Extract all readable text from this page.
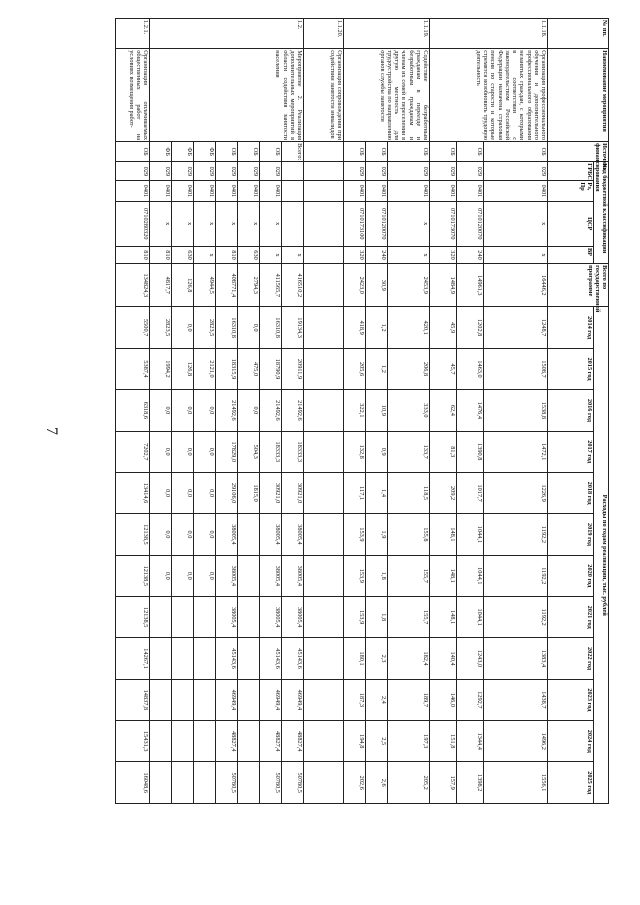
7
№ пп.	Наименование мероприятия	Источник финансирования	Код бюджетной классификации				Всего по государственной программе	Расходы по годам реализации, тыс. рублей											
			ГРБС	Рз, Пр	ЦСР	ВР		2014 год	2015 год	2016 год	2017 год	2018 год	2019 год	2020 год	2021 год	2022 год	2023 год	2024 год	2025 год
1.1.18.	Организация профессионального обучения и дополнительного профессионального образования незанятых граждан, с которыми в соответствии с законодательством Российской Федерации назначена страховая пенсия по старости и которые стремятся возобновить трудовую деятельность	ОБ	029	0401	х	х	16446,2	1248,7	1508,7	1538,8	1472,1	1226,9	1192,2	1192,2	1192,2	1383,4	1438,7	1496,2	1556,1
		ОБ	029	0401	0710120070	240	14961,3	1202,8	1463,0	1476,4	1390,8	1017,7	1044,1	1044,1	1044,1	1243,0	1292,7	1344,4	1398,2
		ОБ	029	0401	0710173070	320	1484,9	45,9	45,7	62,4	81,3	209,2	148,1	148,1	148,1	140,4	146,0	151,8	157,9
1.1.19.	Содействие безработным гражданам в переезде и безработным гражданам и членам их семей в переселении в другую местность для трудоустройства по направлению органов службы занятости	ОБ	029	0401	х	х	2453,9	420,1	206,8	333,0	133,7	118,5	155,8	155,7	155,7	182,4	189,7	197,3	205,2
		ОБ	029	0401	0710120070	240	30,9	1,2	1,2	10,9	0,9	1,4	1,9	1,8	1,8	2,3	2,4	2,5	2,6
		ОБ	029	0401	0710173100	320	2423,0	418,9	205,6	322,1	132,8	117,1	153,9	153,9	153,9	180,1	187,3	194,8	202,6
1.1.20.	Организация сопровождения при содействии занятости инвалидов																		
1.2.	Мероприятие 2. Реализация дополнительных мероприятий в области содействия занятости населения	Всего:				х	416510,2	19134,3	20911,9	21492,6	18333,3	30921,0	38005,4	38005,4	38005,4	45143,6	46949,4	48827,4	50780,5
		ОБ	029	0401	х	х	411565,7	16310,8	18790,9	21492,6	18333,3	30921,0	38005,4	38005,4	38005,4	45143,6	46949,4	48827,4	50780,5
		ОБ	029	0401	х	630	2794,3	0,0	475,0	0,0	504,3	1815,0							
		ОБ	029	0401	х	810	408771,4	16310,8	18315,9	21492,6	17829,0	29106,0	38005,4	38005,4	38005,4	45143,6	46949,4	48827,4	50780,5
		ФБ	029	0401	х	х	4944,5	2823,5	2121,0	0,0	0,0	0,0	0,0	0,0					
		ФБ	029	0401	х	630	126,8	0,0	126,8	0,0	0,0	0,0	0,0	0,0					
		ФБ	029	0401	х	810	4817,7	2823,5	1994,2	0,0	0,0	0,0	0,0	0,0					
1.2.1.	Организация оплачиваемых общественных работ на условиях возмещения работ-	ОБ	029	0401	0710280320	810	134824,3	5500,7	5387,4	6318,6	7202,7	13414,6	12138,5	12138,5	12138,5	14267,1	14837,8	15431,3	16048,6
